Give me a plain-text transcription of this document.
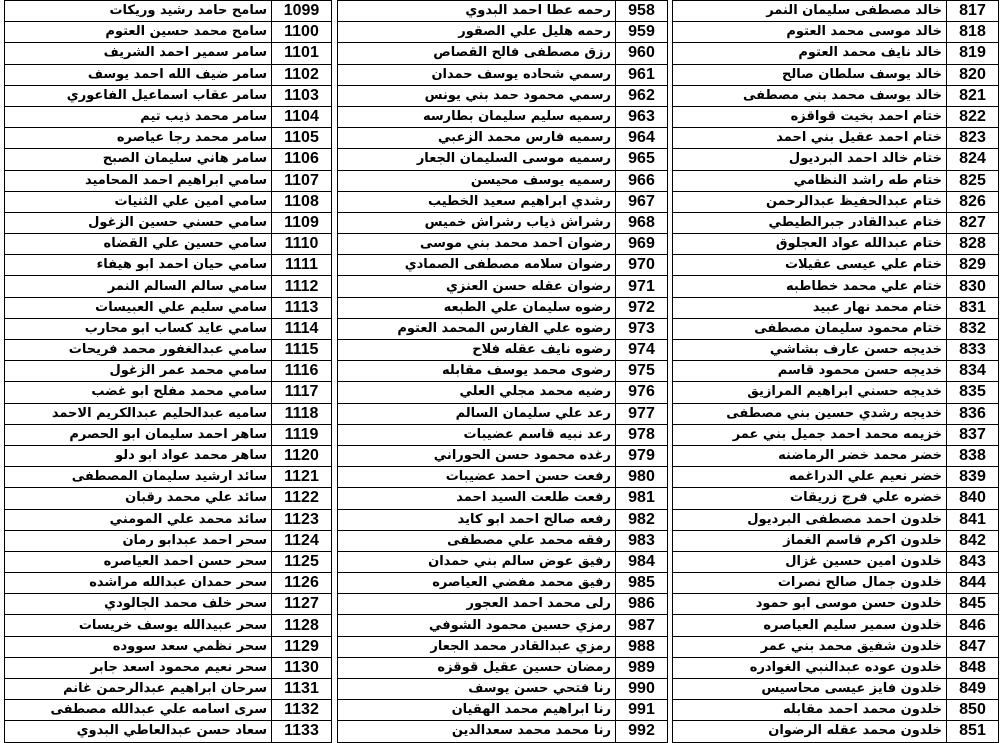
سامح حامد رشيد وريكات	1099
سامح محمد حسين العتوم	1100
سامر سمير احمد الشريف	1101
سامر ضيف الله احمد يوسف	1102
سامر عقاب اسماعيل الفاعوري	1103
سامر محمد ذيب تيم	1104
سامر محمد رجا عياصره	1105
سامر هاني سليمان الصبح	1106
سامي ابراهيم احمد المحاميد	1107
سامي امين علي الثنيات	1108
سامي حسني حسين الزغول	1109
سامي حسين علي القضاه	1110
سامي حيان احمد ابو هيفاء	1111
سامي سالم السالم النمر	1112
سامي سليم علي العبيسات	1113
سامي عايد كساب ابو محارب	1114
سامي عبدالغفور محمد فريحات	1115
سامي محمد عمر الزغول	1116
سامي محمد مفلح ابو غضب	1117
ساميه عبدالحليم عبدالكريم الاحمد	1118
ساهر احمد سليمان ابو الحصرم	1119
ساهر محمد عواد ابو دلو	1120
سائد ارشيد سليمان المصطفى	1121
سائد علي محمد رقبان	1122
سائد محمد علي المومني	1123
سحر احمد عبدابو رمان	1124
سحر حسن احمد العياصره	1125
سحر حمدان عبدالله مراشده	1126
سحر خلف محمد الجالودي	1127
سحر عبيدالله يوسف خريسات	1128
سحر نظمي سعد سووده	1129
سحر نعيم محمود اسعد جابر	1130
سرحان ابراهيم عبدالرحمن غانم	1131
سرى اسامه علي عبدالله مصطفى	1132
سعاد حسن عبدالعاطي البدوي	1133
رحمه عطا احمد البدوي	958
رحمه هليل علي الصقور	959
رزق مصطفى فالح القصاص	960
رسمي شحاده يوسف حمدان	961
رسمي محمود حمد بني يونس	962
رسميه سليم سليمان بطارسه	963
رسميه فارس محمد الزعبي	964
رسميه موسى السليمان الجعار	965
رسميه يوسف محيسن	966
رشدي ابراهيم سعيد الخطيب	967
رشراش ذياب رشراش خميس	968
رضوان احمد محمد بني موسى	969
رضوان سلامه مصطفى الصمادي	970
رضوان عقله حسن العنزي	971
رضوه سليمان علي الطبعه	972
رضوه علي الفارس المحمد العتوم	973
رضوه نايف عقله فلاح	974
رضوى محمد يوسف مقابله	975
رضيه محمد مجلي العلي	976
رعد علي سليمان السالم	977
رعد نبيه قاسم عضيبات	978
رغده محمود حسن الحوراني	979
رفعت حسن احمد عضيبات	980
رفعت طلعت السيد احمد	981
رفعه صالح احمد ابو كايد	982
رفقه محمد علي مصطفى	983
رفيق عوض سالم بني حمدان	984
رفيق محمد مفضي العياصره	985
رلى محمد احمد العجور	986
رمزي حسين محمود الشوفي	987
رمزي عبدالقادر محمد الجعار	988
رمضان حسين عقيل قوقزه	989
رنا فتحي حسن يوسف	990
رنا ابراهيم محمد الهقيان	991
رنا محمد محمد سعدالدين	992
خالد مصطفى سليمان النمر	817
خالد موسى محمد العتوم	818
خالد نايف محمد العتوم	819
خالد يوسف سلطان صالح	820
خالد يوسف محمد بني مصطفى	821
ختام احمد بخيت قواقزه	822
ختام احمد عقيل بني احمد	823
ختام خالد احمد البرديول	824
ختام طه راشد النظامي	825
ختام عبدالحفيظ عبدالرحمن	826
ختام عبدالقادر جبرالطيطي	827
ختام عبدالله عواد العجلوق	828
ختام علي عيسى عقيلات	829
ختام علي محمد خطاطبه	830
ختام محمد نهار عبيد	831
ختام محمود سليمان مصطفى	832
خديجه حسن عارف بشاشي	833
خديجه حسن محمود قاسم	834
خديجه حسني ابراهيم المرازيق	835
خديجه رشدي حسين بني مصطفى	836
خزيمه محمد احمد جميل بني عمر	837
خضر محمد خضر الرماضنه	838
خضر نعيم علي الدراغمه	839
خضره علي فرج زريقات	840
خلدون احمد مصطفى البرديول	841
خلدون اكرم قاسم الغماز	842
خلدون امين حسين غزال	843
خلدون جمال صالح نصرات	844
خلدون حسن موسى ابو حمود	845
خلدون سمير سليم العياصره	846
خلدون شفيق محمد بني عمر	847
خلدون عوده عبدالنبي الغوادره	848
خلدون فايز عيسى محاسيس	849
خلدون محمد احمد مقابله	850
خلدون محمد عقله الرضوان	851
